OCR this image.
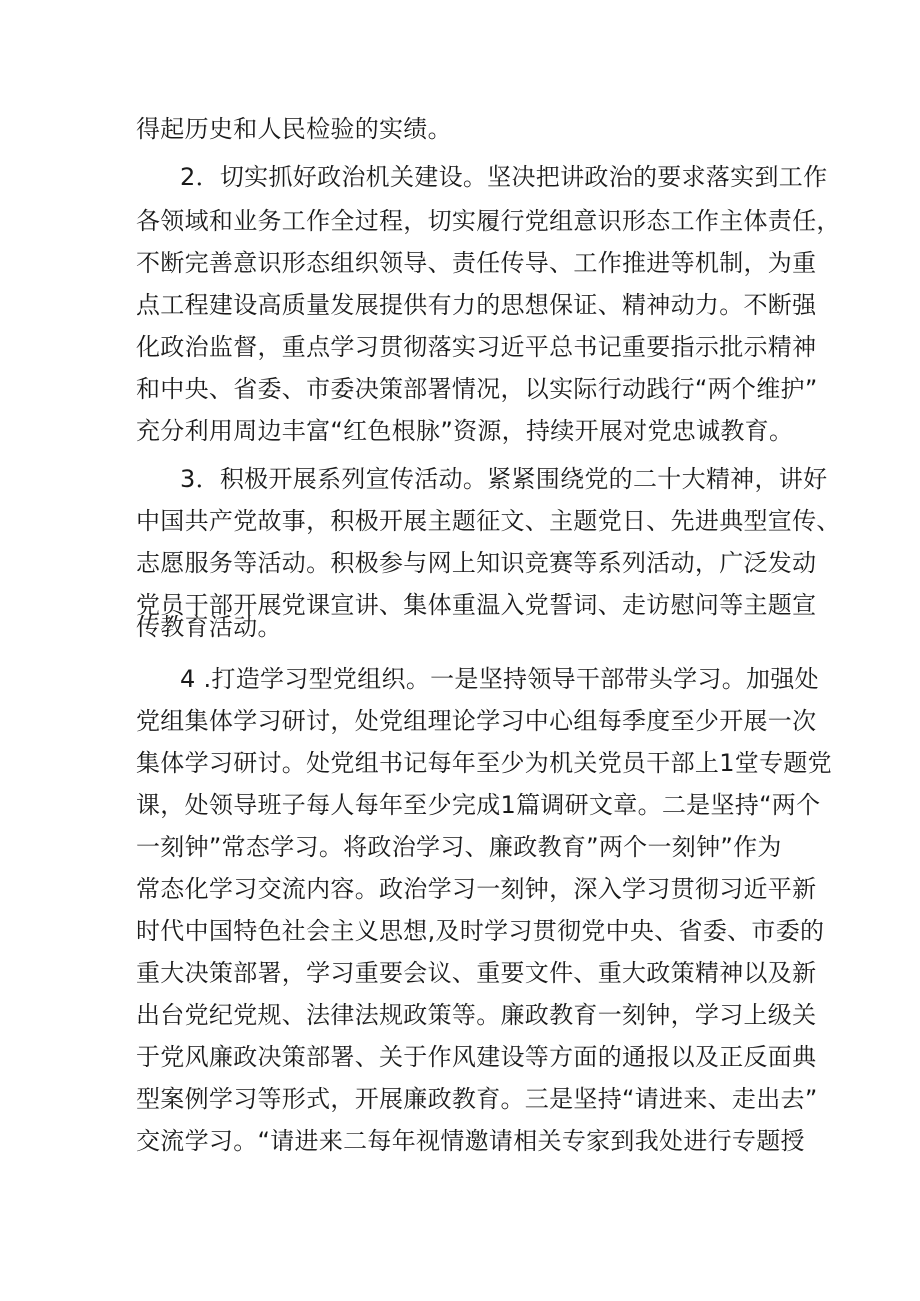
得起历史和人民检验的实绩。
2．切实抓好政治机关建设。坚决把讲政治的要求落实到工作
各领域和业务工作全过程，切实履行党组意识形态工作主体责任，
不断完善意识形态组织领导、责任传导、工作推进等机制，为重
点工程建设高质量发展提供有力的思想保证、精神动力。不断强
化政治监督，重点学习贯彻落实习近平总书记重要指示批示精神
和中央、省委、市委决策部署情况，以实际行动践行“两个维护”
充分利用周边丰富“红色根脉”资源，持续开展对党忠诚教育。
3．积极开展系列宣传活动。紧紧围绕党的二十大精神，讲好
中国共产党故事，积极开展主题征文、主题党日、先进典型宣传、
志愿服务等活动。积极参与网上知识竞赛等系列活动，广泛发动
党员干部开展党课宣讲、集体重温入党誓词、走访慰问等主题宣
传教育活动。
4 .打造学习型党组织。一是坚持领导干部带头学习。加强处
党组集体学习研讨，处党组理论学习中心组每季度至少开展一次
集体学习研讨。处党组书记每年至少为机关党员干部上1堂专题党
课，处领导班子每人每年至少完成1篇调研文章。二是坚持“两个
一刻钟”常态学习。将政治学习、廉政教育”两个一刻钟”作为
常态化学习交流内容。政治学习一刻钟，深入学习贯彻习近平新
时代中国特色社会主义思想,及时学习贯彻党中央、省委、市委的
重大决策部署，学习重要会议、重要文件、重大政策精神以及新
出台党纪党规、法律法规政策等。廉政教育一刻钟，学习上级关
于党风廉政决策部署、关于作风建设等方面的通报以及正反面典
型案例学习等形式，开展廉政教育。三是坚持“请进来、走出去”
交流学习。“请进来二每年视情邀请相关专家到我处进行专题授
